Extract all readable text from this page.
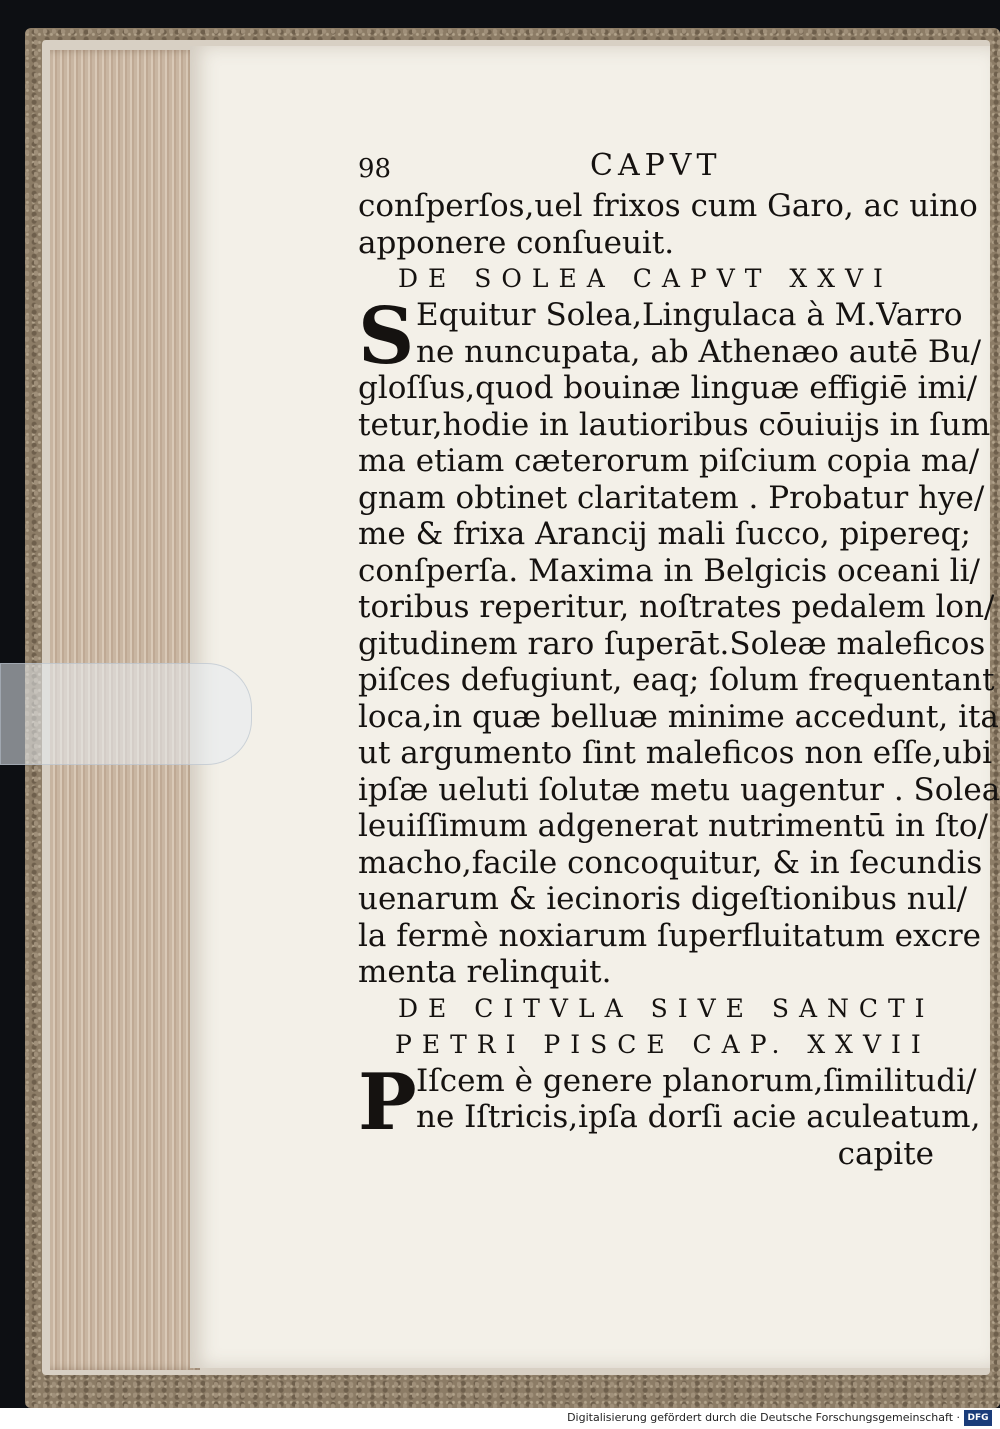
98	CAPVT
conſperſos,uel frixos cum Garo, ac uino
apponere conſueuit.
DE SOLEA CAPVT XXVI
S Equitur Solea,Lingulaca à M.Varro
ne nuncupata, ab Athenæo autē Bu/
gloſſus,quod bouinæ linguæ effigiē imi/
tetur,hodie in lautioribus cōuiuijs in ſum
ma etiam cæterorum piſcium copia ma/
gnam obtinet claritatem . Probatur hye/
me & frixa Arancij mali ſucco, pipereq;
conſperſa. Maxima in Belgicis oceani li/
toribus reperitur, noſtrates pedalem lon/
gitudinem raro ſuperāt.Soleæ maleficos
piſces defugiunt, eaq; ſolum frequentant
loca,in quæ belluæ minime accedunt, ita
ut argumento ſint maleficos non eſſe,ubi
ipſæ ueluti ſolutæ metu uagentur . Solea
leuiſſimum adgenerat nutrimentū in ſto/
macho,facile concoquitur, & in ſecundis
uenarum & iecinoris digeſtionibus nul/
la fermè noxiarum ſuperfluitatum excre
menta relinquit.
DE CITVLA SIVE SANCTI
PETRI PISCE CAP. XXVII
P Iſcem è genere planorum,ſimilitudi/
ne Iſtricis,ipſa dorſi acie aculeatum,
capite
Digitalisierung gefördert durch die Deutsche Forschungsgemeinschaft · DFG
